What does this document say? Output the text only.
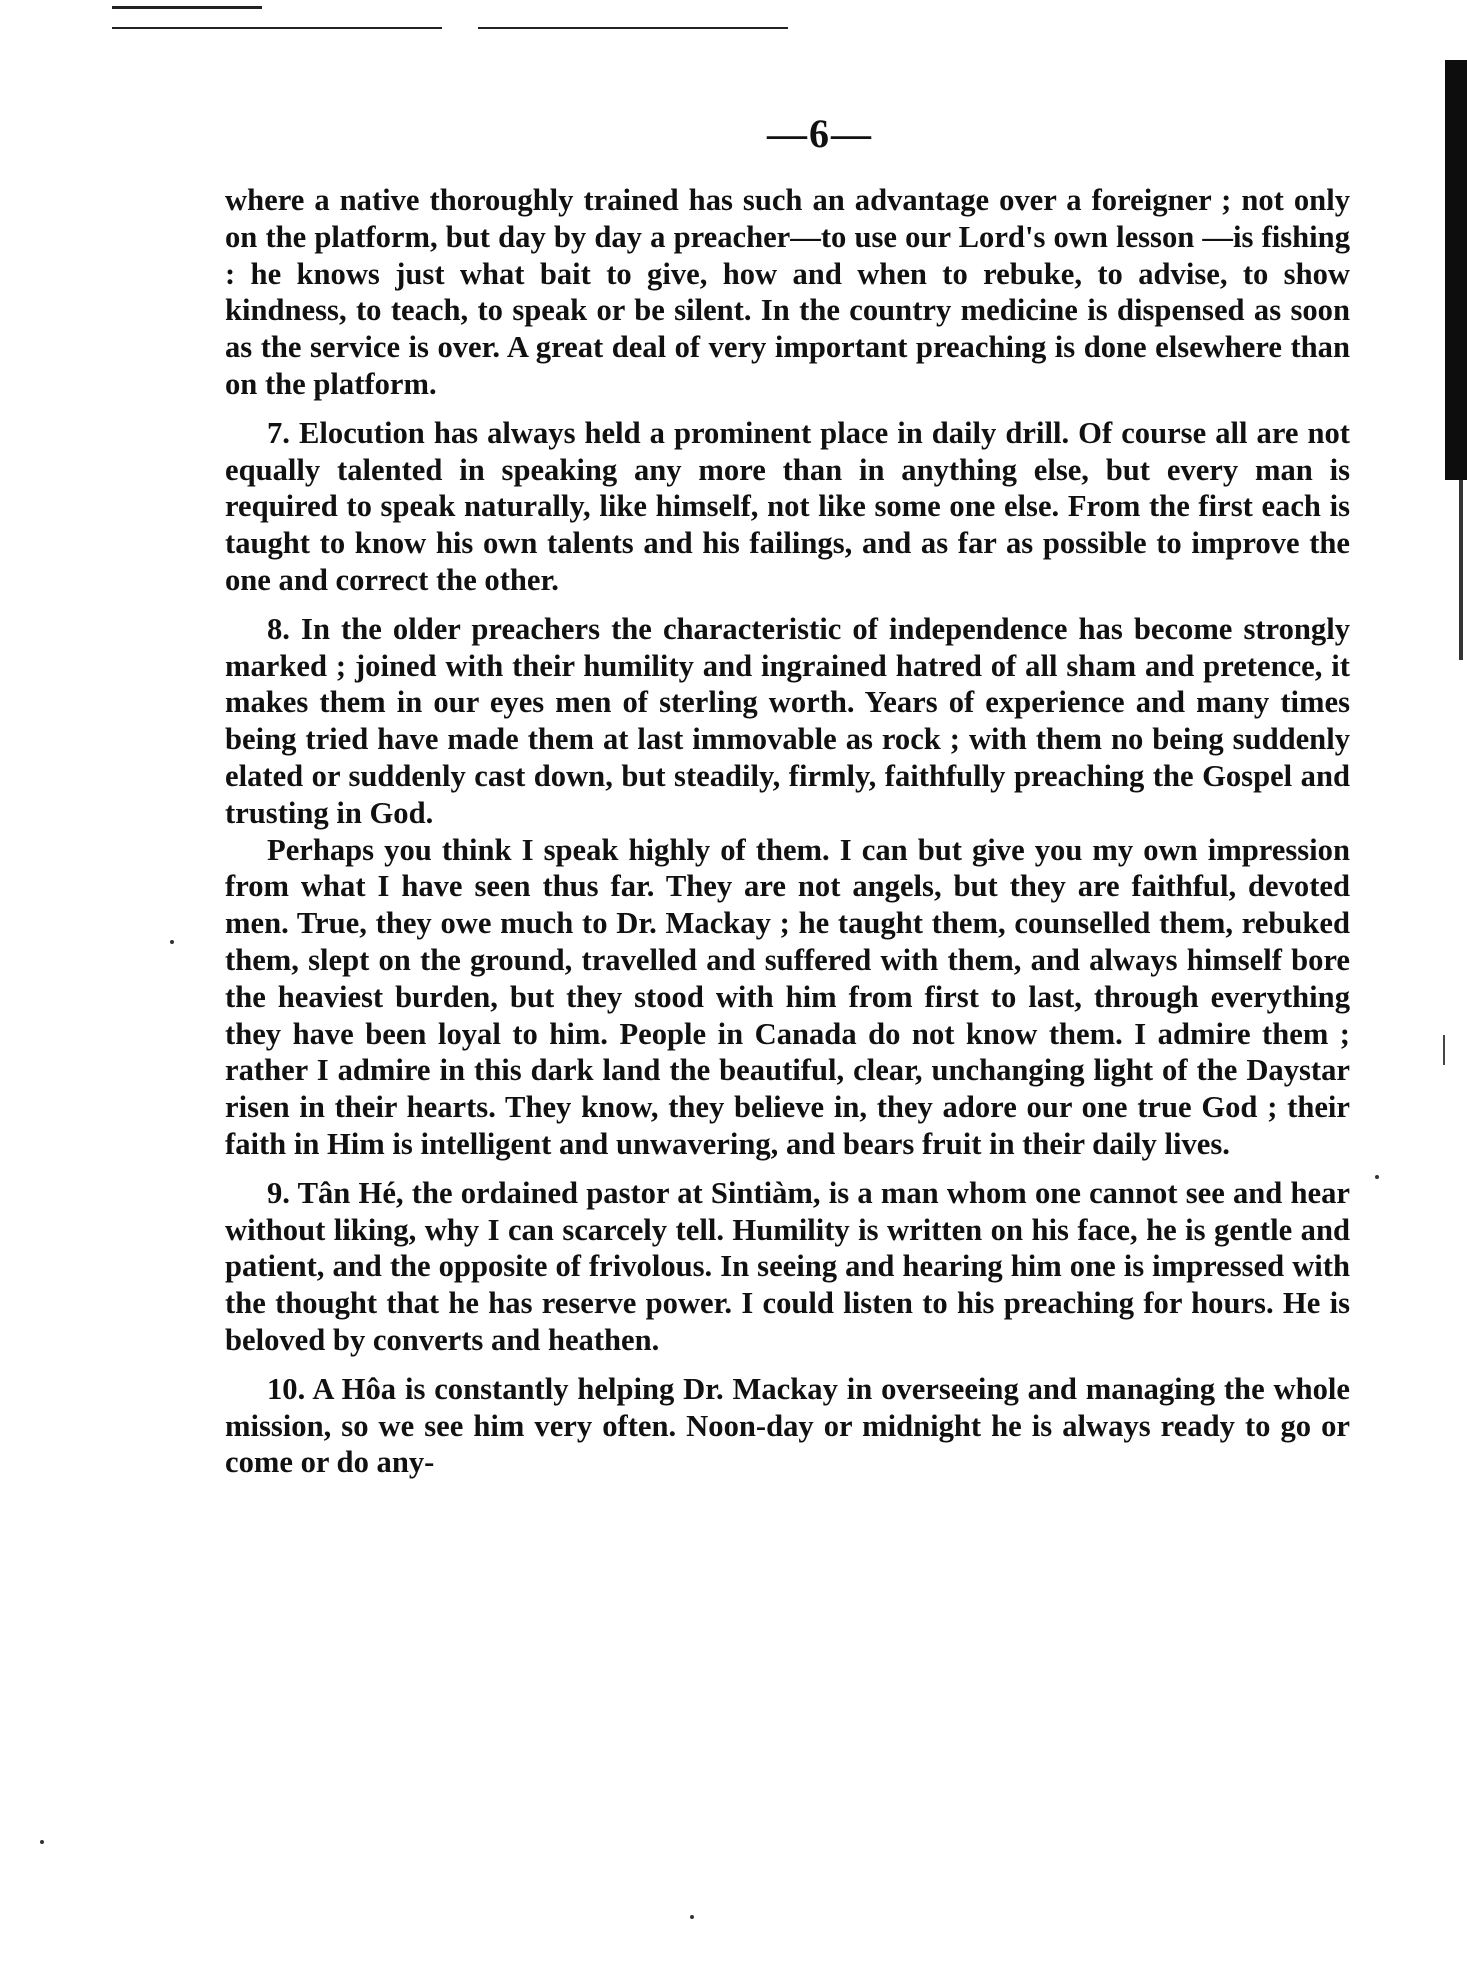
—6—

where a native thoroughly trained has such an advantage over a foreigner ; not only on the platform, but day by day a preacher—to use our Lord's own lesson —is fishing : he knows just what bait to give, how and when to rebuke, to advise, to show kindness, to teach, to speak or be silent. In the country medicine is dispensed as soon as the service is over. A great deal of very important preaching is done elsewhere than on the platform.

7. Elocution has always held a prominent place in daily drill. Of course all are not equally talented in speaking any more than in anything else, but every man is required to speak naturally, like himself, not like some one else. From the first each is taught to know his own talents and his failings, and as far as possible to improve the one and correct the other.

8. In the older preachers the characteristic of independence has become strongly marked ; joined with their humility and ingrained hatred of all sham and pretence, it makes them in our eyes men of sterling worth. Years of experience and many times being tried have made them at last immovable as rock ; with them no being suddenly elated or suddenly cast down, but steadily, firmly, faithfully preaching the Gospel and trusting in God.

Perhaps you think I speak highly of them. I can but give you my own impression from what I have seen thus far. They are not angels, but they are faithful, devoted men. True, they owe much to Dr. Mackay ; he taught them, counselled them, rebuked them, slept on the ground, travelled and suffered with them, and always himself bore the heaviest burden, but they stood with him from first to last, through everything they have been loyal to him. People in Canada do not know them. I admire them ; rather I admire in this dark land the beautiful, clear, unchanging light of the Daystar risen in their hearts. They know, they believe in, they adore our one true God ; their faith in Him is intelligent and unwavering, and bears fruit in their daily lives.

9. Tân Hé, the ordained pastor at Sintiàm, is a man whom one cannot see and hear without liking, why I can scarcely tell. Humility is written on his face, he is gentle and patient, and the opposite of frivolous. In seeing and hearing him one is impressed with the thought that he has reserve power. I could listen to his preaching for hours. He is beloved by converts and heathen.

10. A Hôa is constantly helping Dr. Mackay in overseeing and managing the whole mission, so we see him very often. Noon-day or midnight he is always ready to go or come or do any-
